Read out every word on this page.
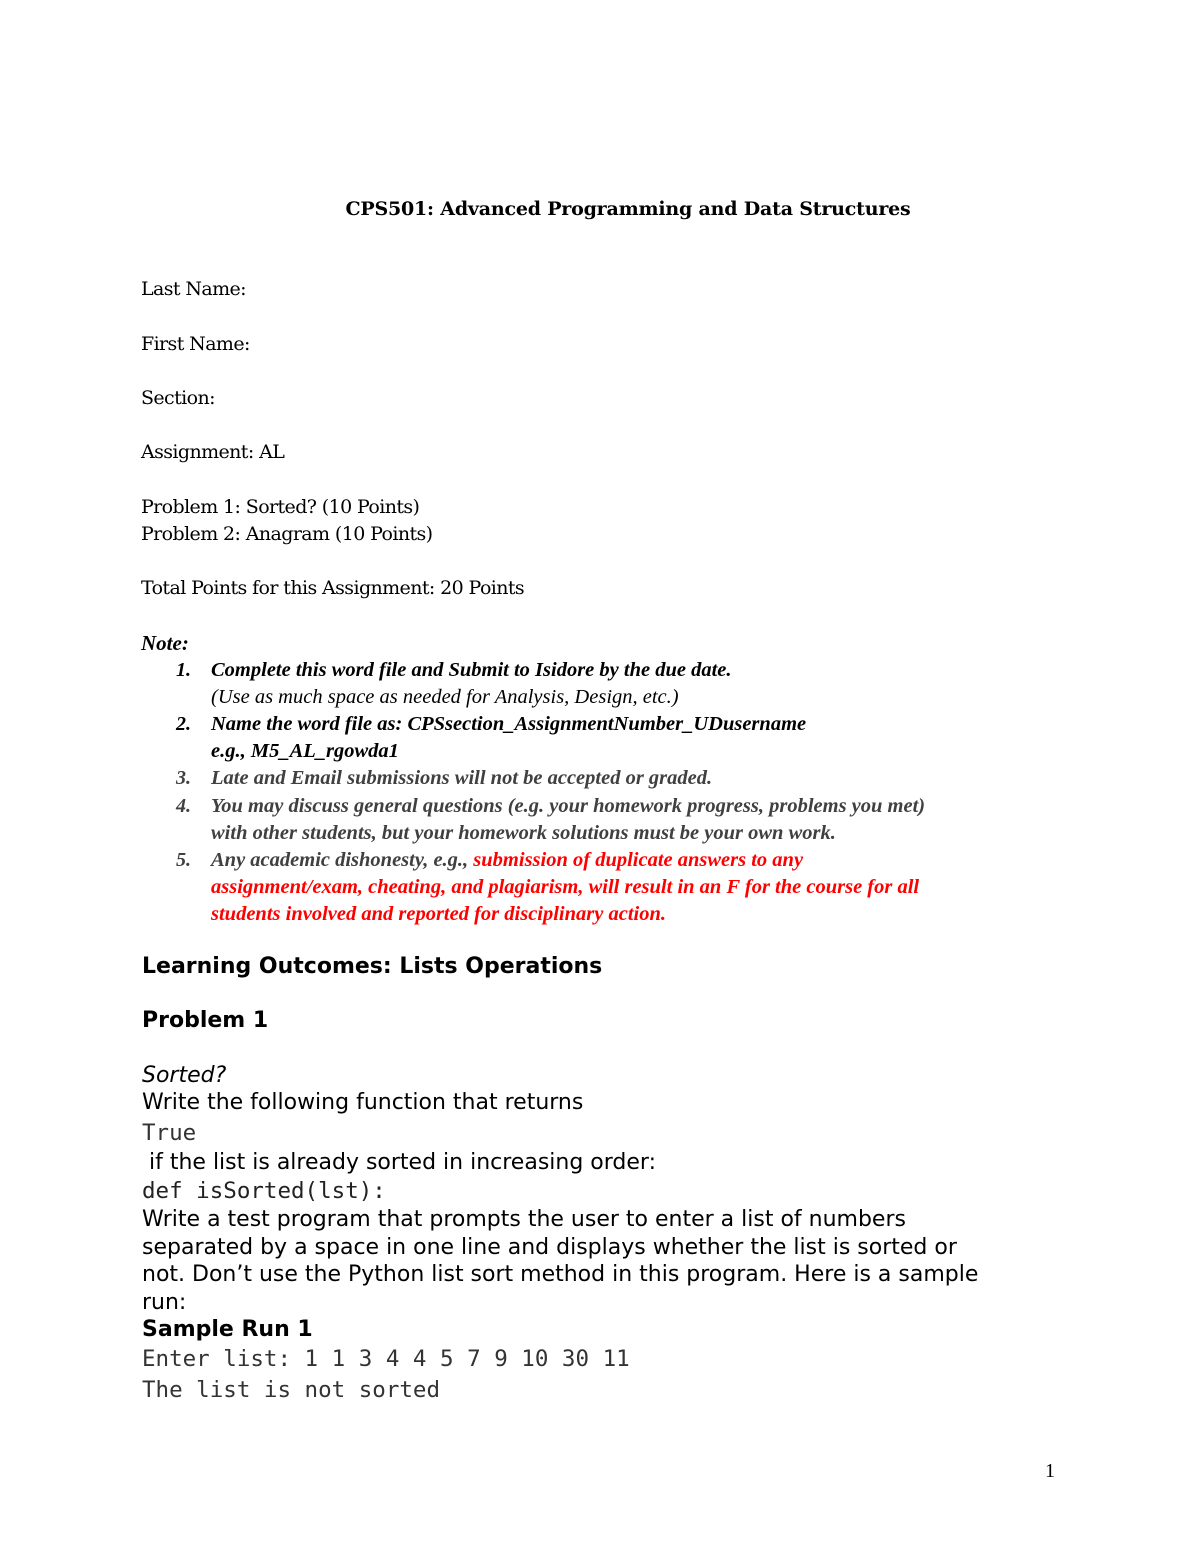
CPS501: Advanced Programming and Data Structures
Last Name:
First Name:
Section:
Assignment: AL
Problem 1: Sorted? (10 Points)
Problem 2: Anagram (10 Points)
Total Points for this Assignment: 20 Points
Note:
1. Complete this word file and Submit to Isidore by the due date.
(Use as much space as needed for Analysis, Design, etc.)
2. Name the word file as: CPSsection_AssignmentNumber_UDusername
e.g., M5_AL_rgowda1
3. Late and Email submissions will not be accepted or graded.
4. You may discuss general questions (e.g. your homework progress, problems you met)
with other students, but your homework solutions must be your own work.
5. Any academic dishonesty, e.g., submission of duplicate answers to any
assignment/exam, cheating, and plagiarism, will result in an F for the course for all
students involved and reported for disciplinary action.
Learning Outcomes: Lists Operations
Problem 1
Sorted?
Write the following function that returns
True
if the list is already sorted in increasing order:
def isSorted(lst):
Write a test program that prompts the user to enter a list of numbers
separated by a space in one line and displays whether the list is sorted or
not. Don’t use the Python list sort method in this program. Here is a sample
run:
Sample Run 1
Enter list: 1 1 3 4 4 5 7 9 10 30 11
The list is not sorted
1
